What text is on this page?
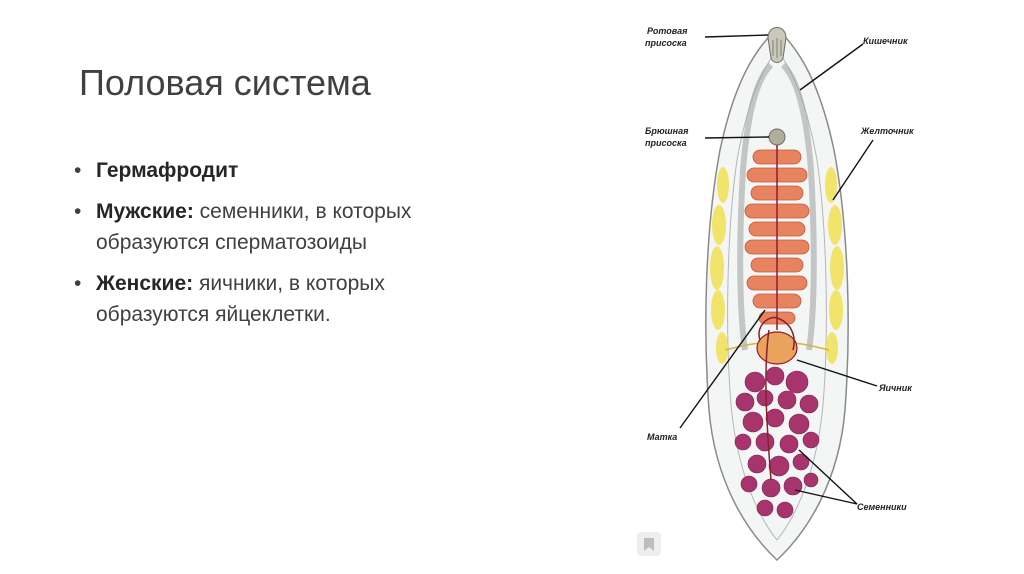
Половая система
• Гермафродит
• Мужские: семенники, в которых образуются сперматозоиды
• Женские: яичники, в которых образуются яйцеклетки.
Ротовая
присоска	Кишечник
Брюшная
присоска
Желточник
Яичник
Матка
Семенники
